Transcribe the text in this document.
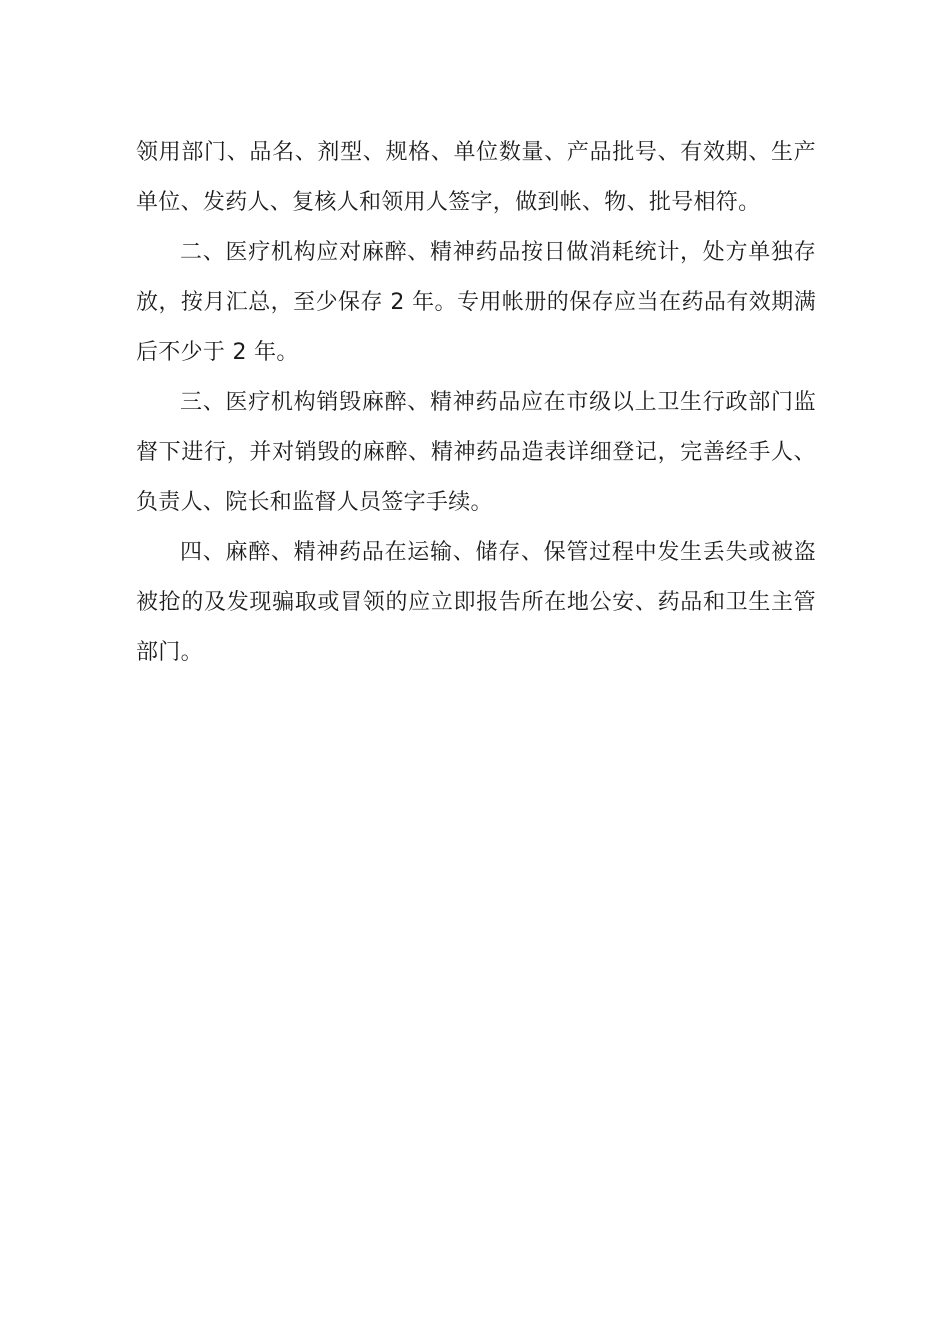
领用部门、品名、剂型、规格、单位数量、产品批号、有效期、生产单位、发药人、复核人和领用人签字，做到帐、物、批号相符。

二、医疗机构应对麻醉、精神药品按日做消耗统计，处方单独存放，按月汇总，至少保存 2 年。专用帐册的保存应当在药品有效期满后不少于 2 年。

三、医疗机构销毁麻醉、精神药品应在市级以上卫生行政部门监督下进行，并对销毁的麻醉、精神药品造表详细登记，完善经手人、负责人、院长和监督人员签字手续。

四、麻醉、精神药品在运输、储存、保管过程中发生丢失或被盗被抢的及发现骗取或冒领的应立即报告所在地公安、药品和卫生主管部门。
